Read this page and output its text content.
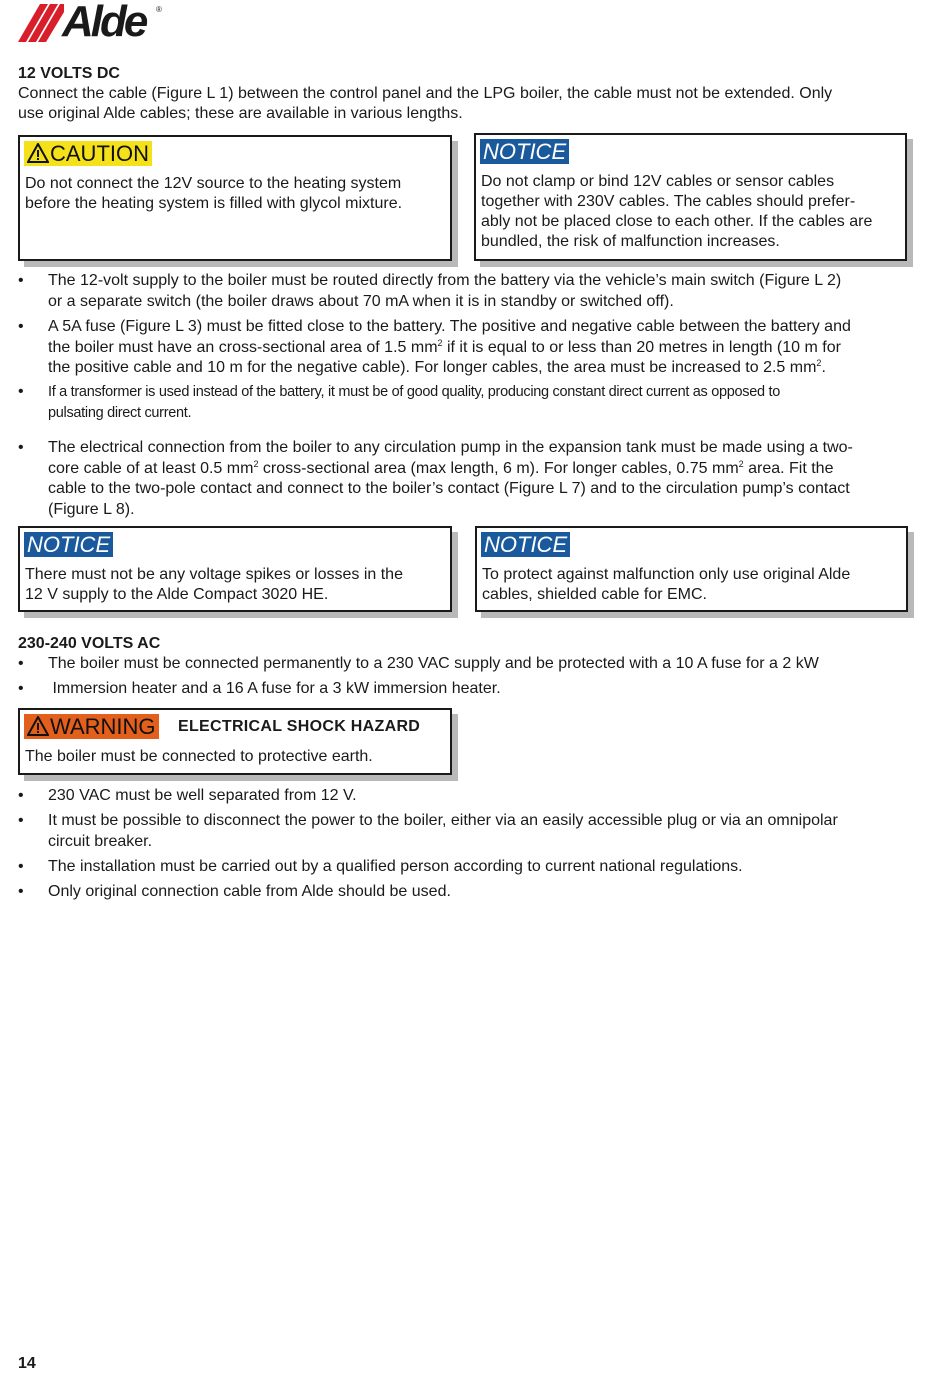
Alde ®
12 VOLTS DC
Connect the cable (Figure L 1) between the control panel and the LPG boiler, the cable must not be extended. Only
use original Alde cables; these are available in various lengths.
CAUTION
Do not connect the 12V source to the heating system
before the heating system is filled with glycol mixture.
NOTICE
Do not clamp or bind 12V cables or sensor cables
together with 230V cables. The cables should prefer-
ably not be placed close to each other. If the cables are
bundled, the risk of malfunction increases.
•	The 12-volt supply to the boiler must be routed directly from the battery via the vehicle’s main switch (Figure L 2)
or a separate switch (the boiler draws about 70 mA when it is in standby or switched off).
•	A 5A fuse (Figure L 3) must be fitted close to the battery. The positive and negative cable between the battery and
the boiler must have an cross-sectional area of 1.5 $mm^2$ if it is equal to or less than 20 metres in length (10 m for
the positive cable and 10 m for the negative cable). For longer cables, the area must be increased to 2.5 $mm^2$.
•	If a transformer is used instead of the battery, it must be of good quality, producing constant direct current as opposed to
pulsating direct current.
•	The electrical connection from the boiler to any circulation pump in the expansion tank must be made using a two-
core cable of at least 0.5 $mm^2$ cross-sectional area (max length, 6 m). For longer cables, 0.75 $mm^2$ area. Fit the
cable to the two-pole contact and connect to the boiler’s contact (Figure L 7) and to the circulation pump’s contact
(Figure L 8).
NOTICE
There must not be any voltage spikes or losses in the
12 V supply to the Alde Compact 3020 HE.
NOTICE
To protect against malfunction only use original Alde
cables, shielded cable for EMC.
230-240 VOLTS AC
•	The boiler must be connected permanently to a 230 VAC supply and be protected with a 10 A fuse for a 2 kW
•	Immersion heater and a 16 A fuse for a 3 kW immersion heater.
WARNING ELECTRICAL SHOCK HAZARD
The boiler must be connected to protective earth.
•	230 VAC must be well separated from 12 V.
•	It must be possible to disconnect the power to the boiler, either via an easily accessible plug or via an omnipolar
circuit breaker.
•	The installation must be carried out by a qualified person according to current national regulations.
•	Only original connection cable from Alde should be used.
14
